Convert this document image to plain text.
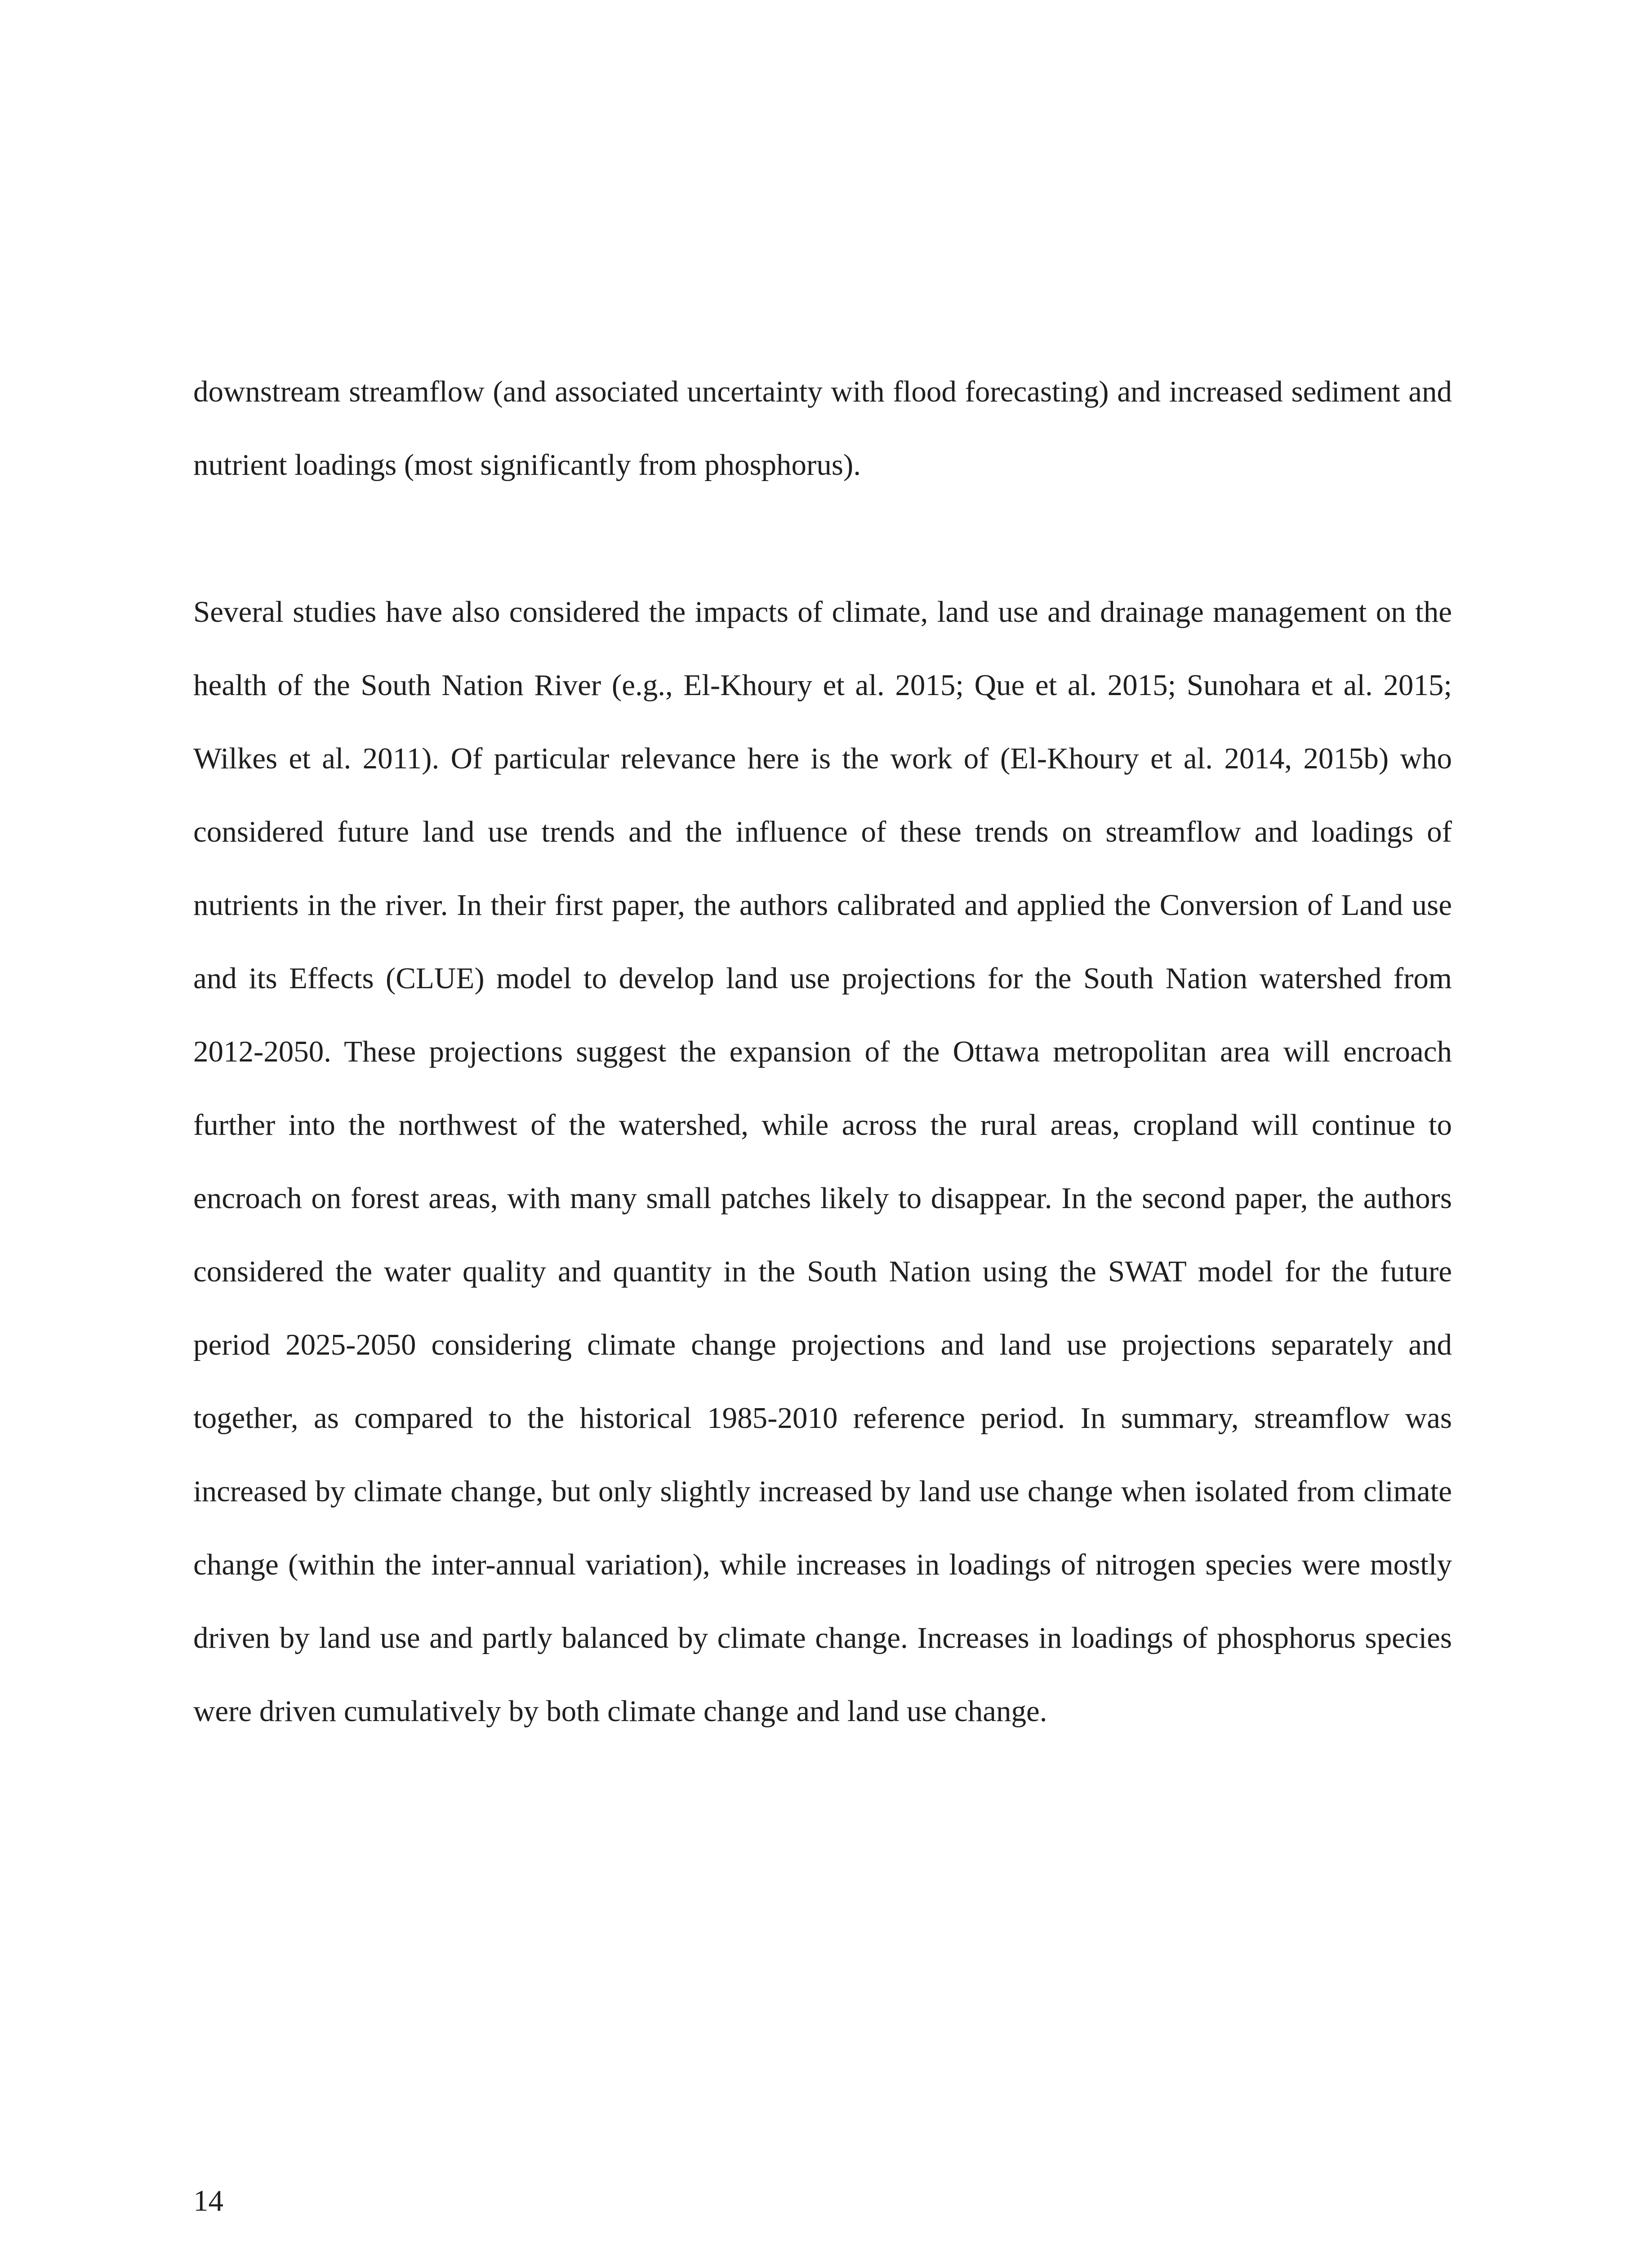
downstream streamflow (and associated uncertainty with flood forecasting) and increased sediment and nutrient loadings (most significantly from phosphorus).

Several studies have also considered the impacts of climate, land use and drainage management on the health of the South Nation River (e.g., El-Khoury et al. 2015; Que et al. 2015; Sunohara et al. 2015; Wilkes et al. 2011). Of particular relevance here is the work of (El-Khoury et al. 2014, 2015b) who considered future land use trends and the influence of these trends on streamflow and loadings of nutrients in the river. In their first paper, the authors calibrated and applied the Conversion of Land use and its Effects (CLUE) model to develop land use projections for the South Nation watershed from 2012-2050. These projections suggest the expansion of the Ottawa metropolitan area will encroach further into the northwest of the watershed, while across the rural areas, cropland will continue to encroach on forest areas, with many small patches likely to disappear. In the second paper, the authors considered the water quality and quantity in the South Nation using the SWAT model for the future period 2025-2050 considering climate change projections and land use projections separately and together, as compared to the historical 1985-2010 reference period. In summary, streamflow was increased by climate change, but only slightly increased by land use change when isolated from climate change (within the inter-annual variation), while increases in loadings of nitrogen species were mostly driven by land use and partly balanced by climate change. Increases in loadings of phosphorus species were driven cumulatively by both climate change and land use change.

14
